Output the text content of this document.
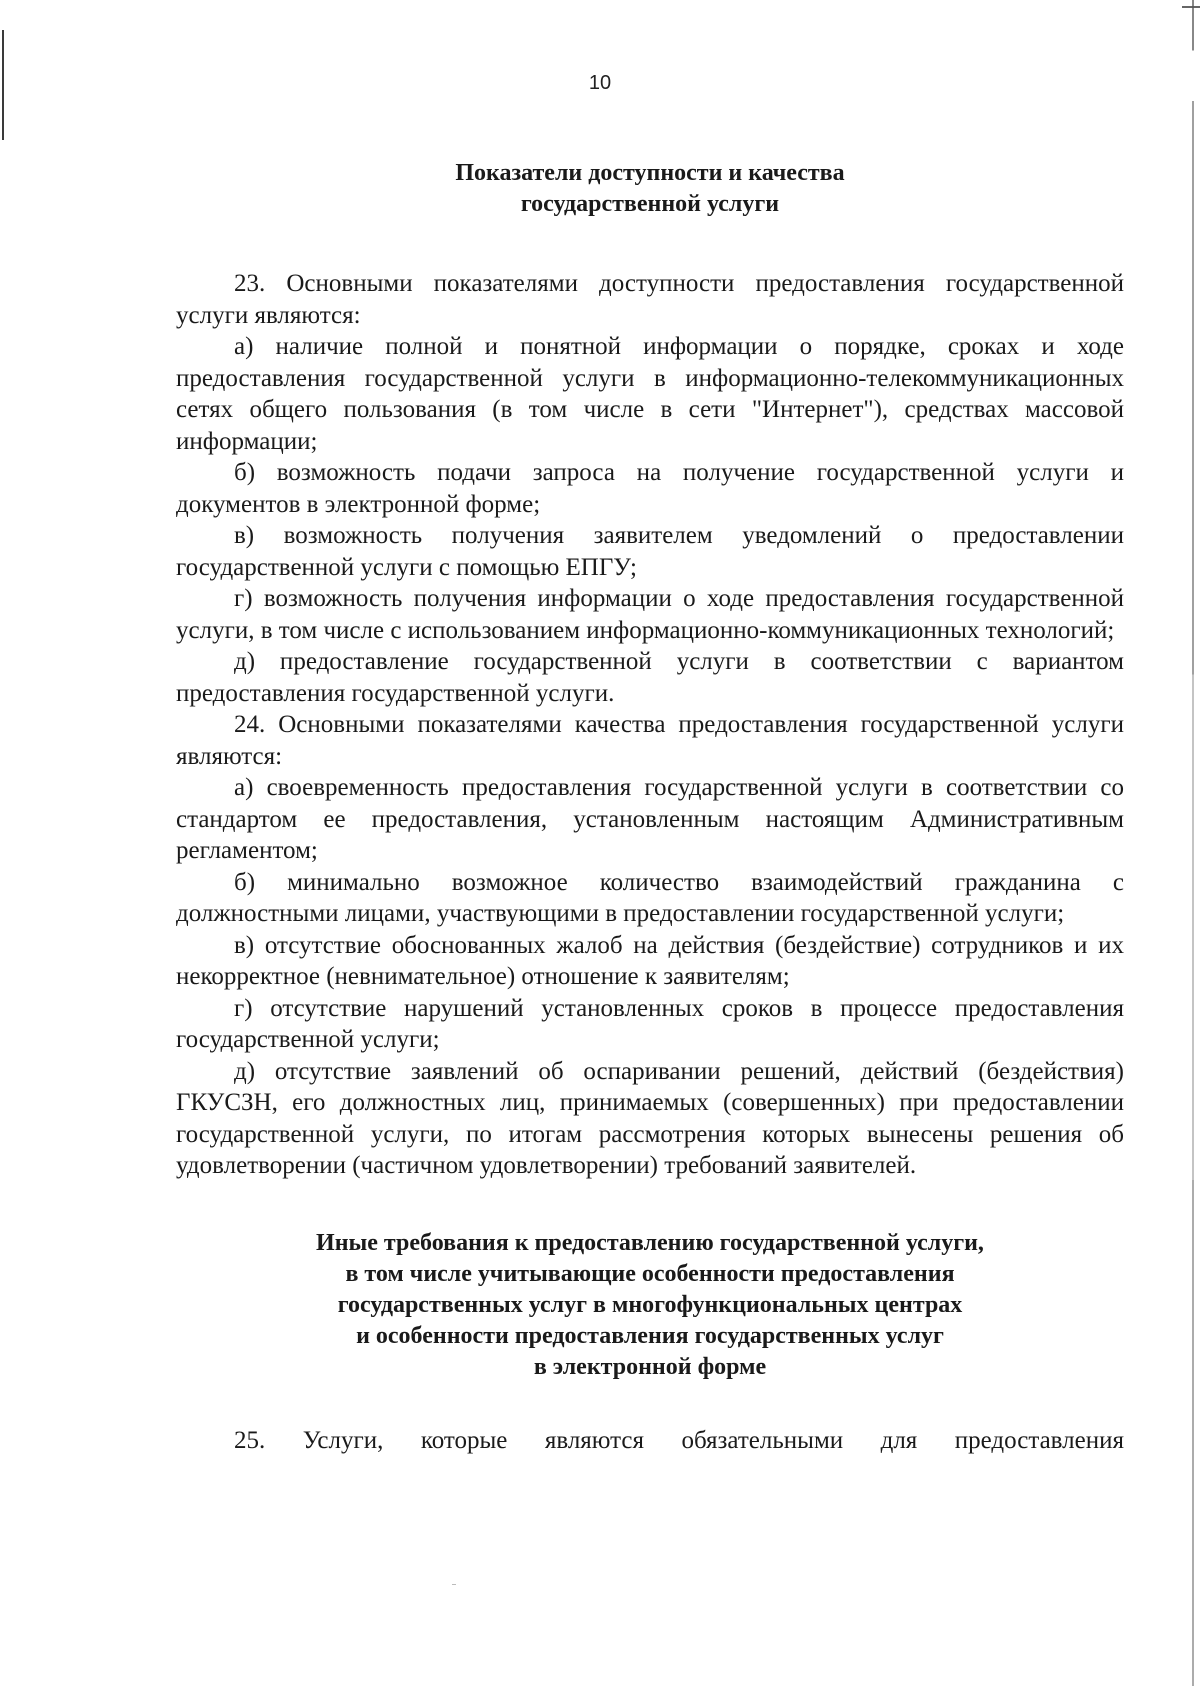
10
Показатели доступности и качества
государственной услуги

23. Основными показателями доступности предоставления государственной услуги являются:

а) наличие полной и понятной информации о порядке, сроках и ходе предоставления государственной услуги в информационно-телекоммуникационных сетях общего пользования (в том числе в сети "Интернет"), средствах массовой информации;

б) возможность подачи запроса на получение государственной услуги и документов в электронной форме;

в) возможность получения заявителем уведомлений о предоставлении государственной услуги с помощью ЕПГУ;

г) возможность получения информации о ходе предоставления государственной услуги, в том числе с использованием информационно-коммуникационных технологий;

д) предоставление государственной услуги в соответствии с вариантом предоставления государственной услуги.

24. Основными показателями качества предоставления государственной услуги являются:

а) своевременность предоставления государственной услуги в соответствии со стандартом ее предоставления, установленным настоящим Административным регламентом;

б) минимально возможное количество взаимодействий гражданина с должностными лицами, участвующими в предоставлении государственной услуги;

в) отсутствие обоснованных жалоб на действия (бездействие) сотрудников и их некорректное (невнимательное) отношение к заявителям;

г) отсутствие нарушений установленных сроков в процессе предоставления государственной услуги;

д) отсутствие заявлений об оспаривании решений, действий (бездействия) ГКУСЗН, его должностных лиц, принимаемых (совершенных) при предоставлении государственной услуги, по итогам рассмотрения которых вынесены решения об удовлетворении (частичном удовлетворении) требований заявителей.

Иные требования к предоставлению государственной услуги,
в том числе учитывающие особенности предоставления
государственных услуг в многофункциональных центрах
и особенности предоставления государственных услуг
в электронной форме

25. Услуги, которые являются обязательными для предоставления
